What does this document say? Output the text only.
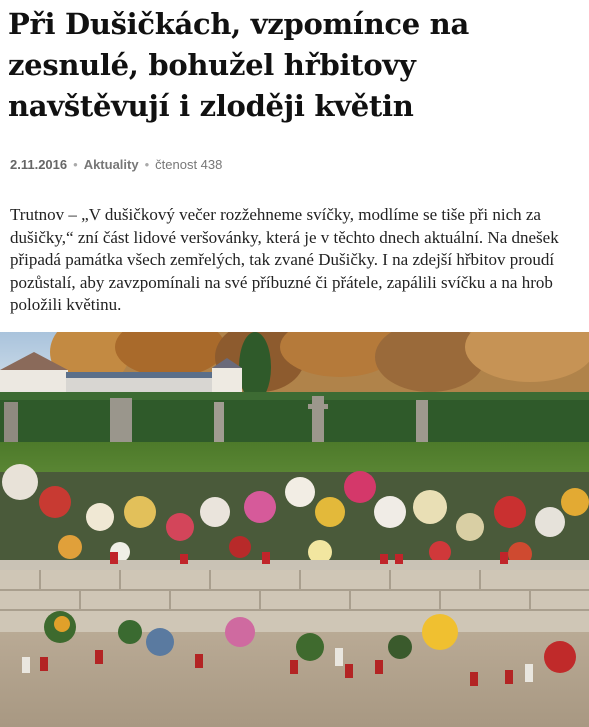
Při Dušičkách, vzpomínce na zesnulé, bohužel hřbitovy navštěvují i zloději květin
2.11.2016 • Aktuality • čtenost 438

Trutnov – „V dušičkový večer rozžehneme svíčky, modlíme se tiše při nich za dušičky,“ zní část lidové veršovánky, která je v těchto dnech aktuální. Na dnešek připadá památka všech zemřelých, tak zvané Dušičky. I na zdejší hřbitov proudí pozůstalí, aby zavzpomínali na své příbuzné či přátele, zapálili svíčku a na hrob položili květinu.
